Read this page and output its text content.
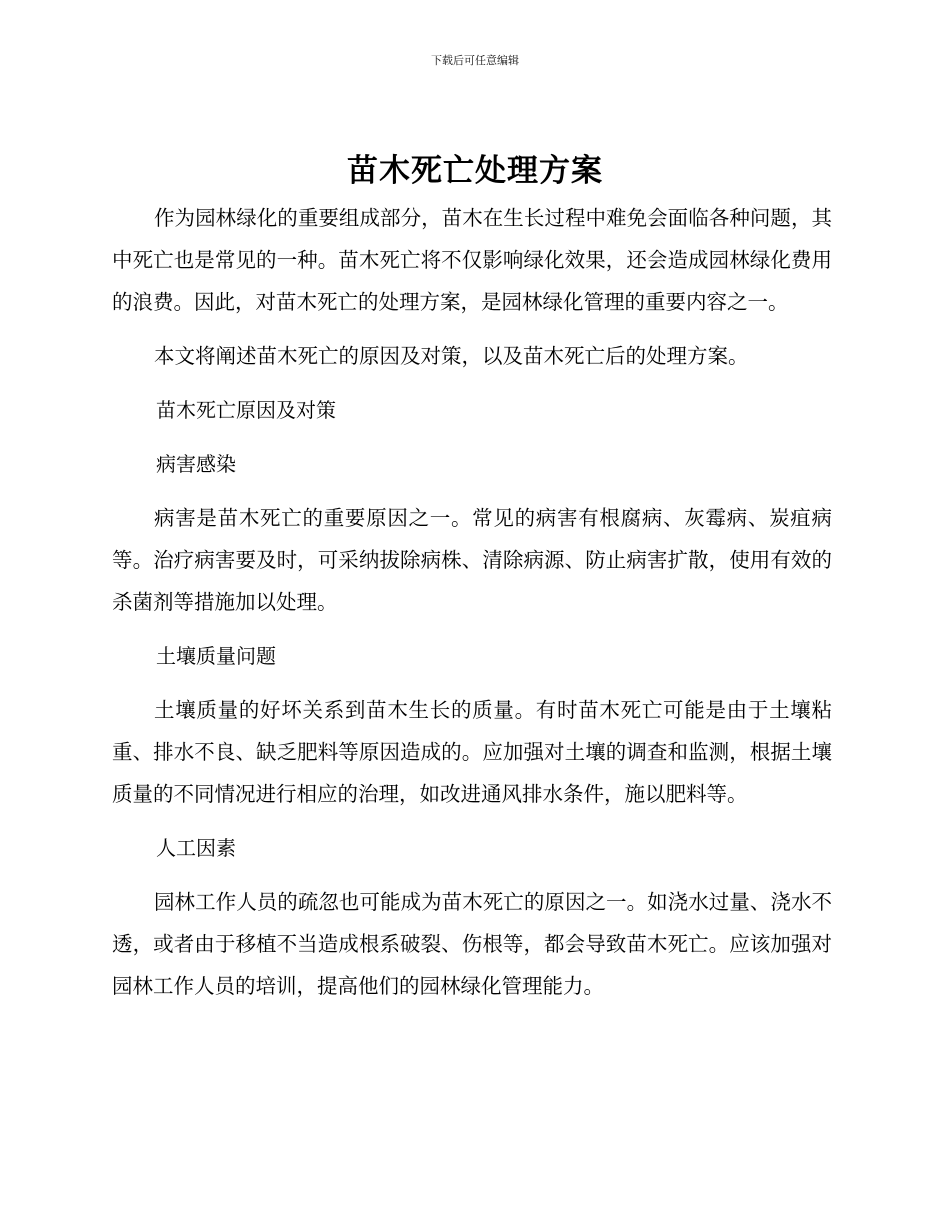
下载后可任意编辑
苗木死亡处理方案

作为园林绿化的重要组成部分，苗木在生长过程中难免会面临各种问题，其中死亡也是常见的一种。苗木死亡将不仅影响绿化效果，还会造成园林绿化费用的浪费。因此，对苗木死亡的处理方案，是园林绿化管理的重要内容之一。

本文将阐述苗木死亡的原因及对策，以及苗木死亡后的处理方案。

苗木死亡原因及对策
病害感染

病害是苗木死亡的重要原因之一。常见的病害有根腐病、灰霉病、炭疽病等。治疗病害要及时，可采纳拔除病株、清除病源、防止病害扩散，使用有效的杀菌剂等措施加以处理。

土壤质量问题

土壤质量的好坏关系到苗木生长的质量。有时苗木死亡可能是由于土壤粘重、排水不良、缺乏肥料等原因造成的。应加强对土壤的调查和监测，根据土壤质量的不同情况进行相应的治理，如改进通风排水条件，施以肥料等。

人工因素

园林工作人员的疏忽也可能成为苗木死亡的原因之一。如浇水过量、浇水不透，或者由于移植不当造成根系破裂、伤根等，都会导致苗木死亡。应该加强对园林工作人员的培训，提高他们的园林绿化管理能力。
